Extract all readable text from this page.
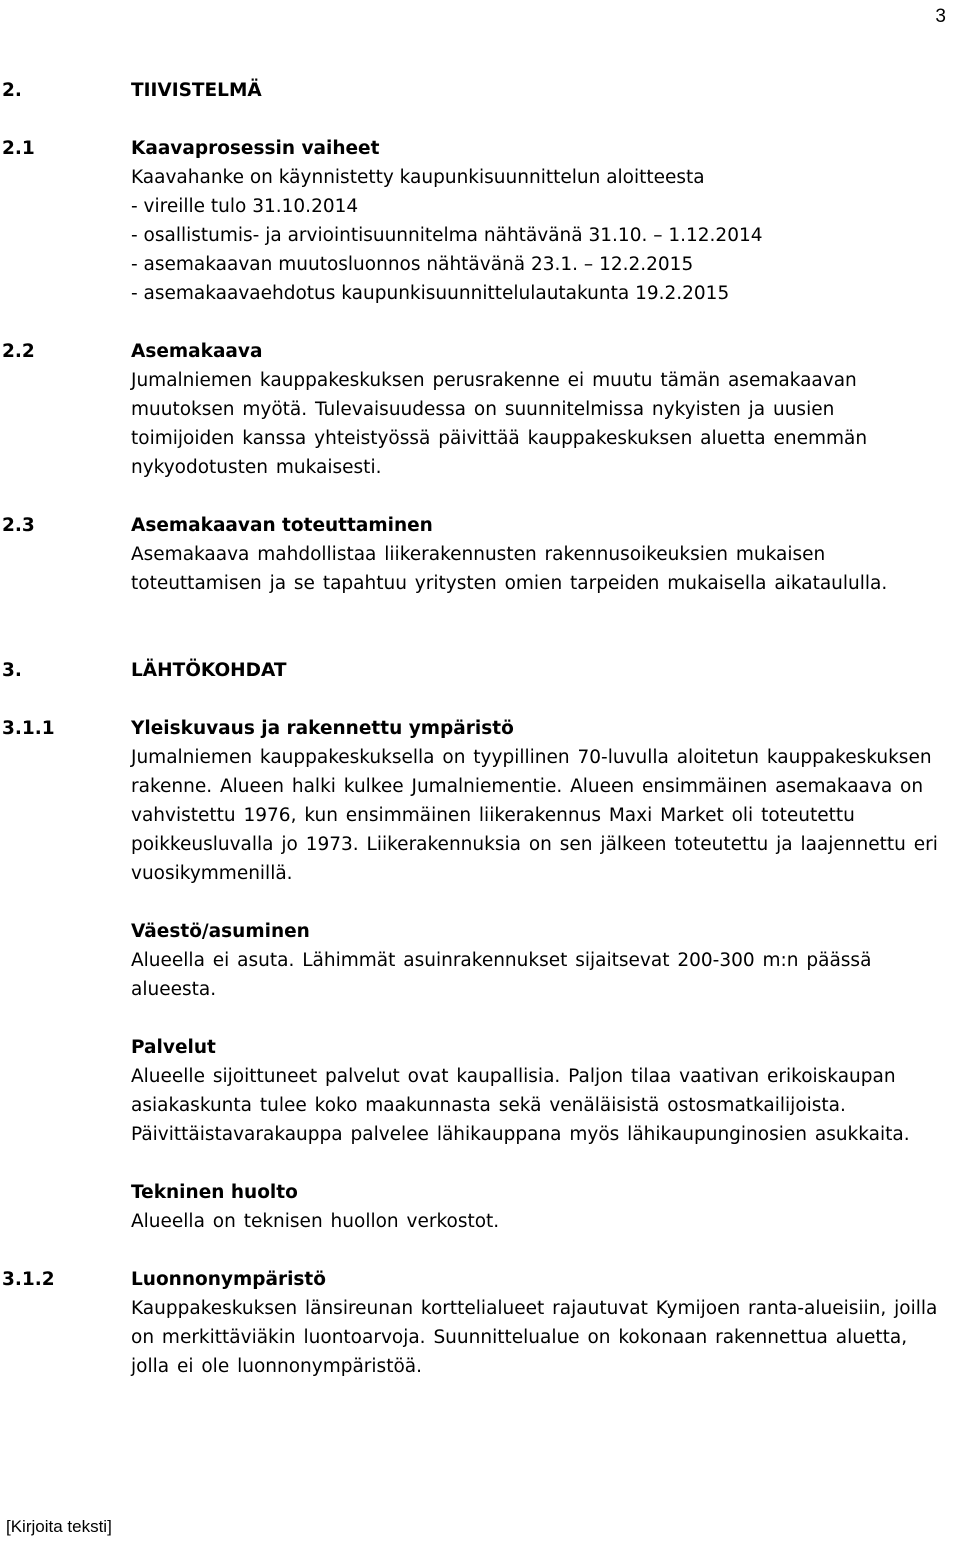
3
2.	TIIVISTELMÄ
2.1	Kaavaprosessin vaiheet
Kaavahanke on käynnistetty kaupunkisuunnittelun aloitteesta
- vireille tulo 31.10.2014
- osallistumis- ja arviointisuunnitelma nähtävänä 31.10. – 1.12.2014
- asemakaavan muutosluonnos nähtävänä 23.1. – 12.2.2015
- asemakaavaehdotus kaupunkisuunnittelulautakunta 19.2.2015
2.2	Asemakaava
Jumalniemen kauppakeskuksen perusrakenne ei muutu tämän asemakaavan muutoksen myötä. Tulevaisuudessa on suunnitelmissa nykyisten ja uusien toimijoiden kanssa yhteistyössä päivittää kauppakeskuksen aluetta enemmän nykyodotusten mukaisesti.
2.3	Asemakaavan toteuttaminen
Asemakaava mahdollistaa liikerakennusten rakennusoikeuksien mukaisen toteuttamisen ja se tapahtuu yritysten omien tarpeiden mukaisella aikataululla.
3.	LÄHTÖKOHDAT
3.1.1	Yleiskuvaus ja rakennettu ympäristö
Jumalniemen kauppakeskuksella on tyypillinen 70-luvulla aloitetun kauppakeskuksen rakenne. Alueen halki kulkee Jumalniementie. Alueen ensimmäinen asemakaava on vahvistettu 1976, kun ensimmäinen liikerakennus Maxi Market oli toteutettu poikkeusluvalla jo 1973. Liikerakennuksia on sen jälkeen toteutettu ja laajennettu eri vuosikymmenillä.
Väestö/asuminen
Alueella ei asuta. Lähimmät asuinrakennukset sijaitsevat 200-300 m:n päässä alueesta.
Palvelut
Alueelle sijoittuneet palvelut ovat kaupallisia. Paljon tilaa vaativan erikoiskaupan asiakaskunta tulee koko maakunnasta sekä venäläisistä ostosmatkailijoista. Päivittäistavarakauppa palvelee lähikauppana myös lähikaupunginosien asukkaita.
Tekninen huolto
Alueella on teknisen huollon verkostot.
3.1.2	Luonnonympäristö
Kauppakeskuksen länsireunan korttelialueet rajautuvat Kymijoen ranta-alueisiin, joilla on merkittäviäkin luontoarvoja. Suunnittelualue on kokonaan rakennettua aluetta, jolla ei ole luonnonympäristöä.
[Kirjoita teksti]
